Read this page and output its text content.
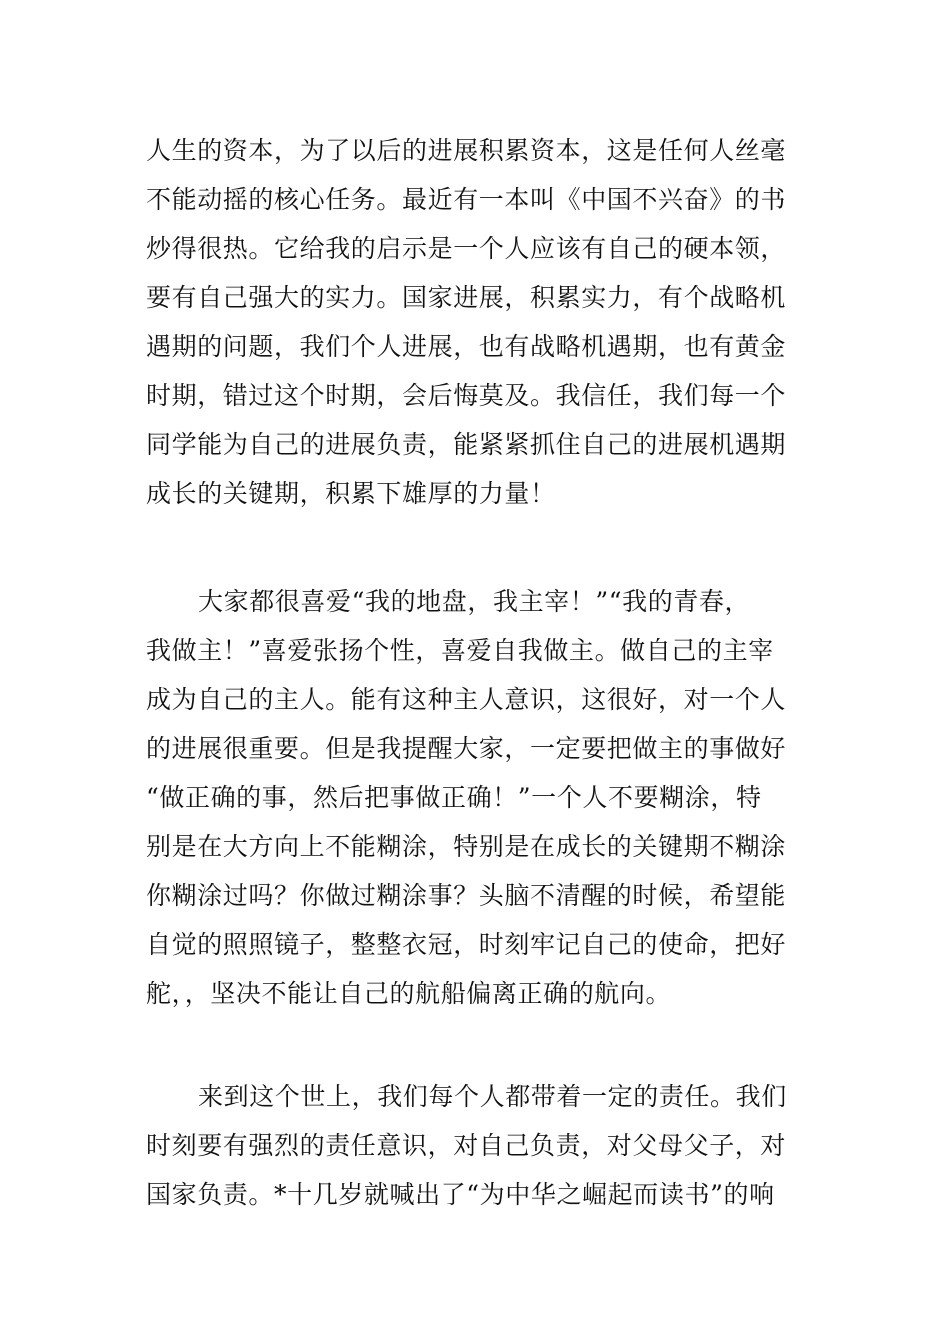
人生的资本，为了以后的进展积累资本，这是任何人丝毫
不能动摇的核心任务。最近有一本叫《中国不兴奋》的书
炒得很热。它给我的启示是一个人应该有自己的硬本领，
要有自己强大的实力。国家进展，积累实力，有个战略机
遇期的问题，我们个人进展，也有战略机遇期，也有黄金
时期，错过这个时期，会后悔莫及。我信任，我们每一个
同学能为自己的进展负责，能紧紧抓住自己的进展机遇期
成长的关键期，积累下雄厚的力量！
大家都很喜爱“我的地盘，我主宰！”“我的青春，
我做主！”喜爱张扬个性，喜爱自我做主。做自己的主宰
成为自己的主人。能有这种主人意识，这很好，对一个人
的进展很重要。但是我提醒大家，一定要把做主的事做好
“做正确的事，然后把事做正确！”一个人不要糊涂，特
别是在大方向上不能糊涂，特别是在成长的关键期不糊涂
你糊涂过吗？你做过糊涂事？头脑不清醒的时候，希望能
自觉的照照镜子，整整衣冠，时刻牢记自己的使命，把好
舵，，坚决不能让自己的航船偏离正确的航向。
来到这个世上，我们每个人都带着一定的责任。我们
时刻要有强烈的责任意识，对自己负责，对父母父子，对
国家负责。*十几岁就喊出了“为中华之崛起而读书”的响
